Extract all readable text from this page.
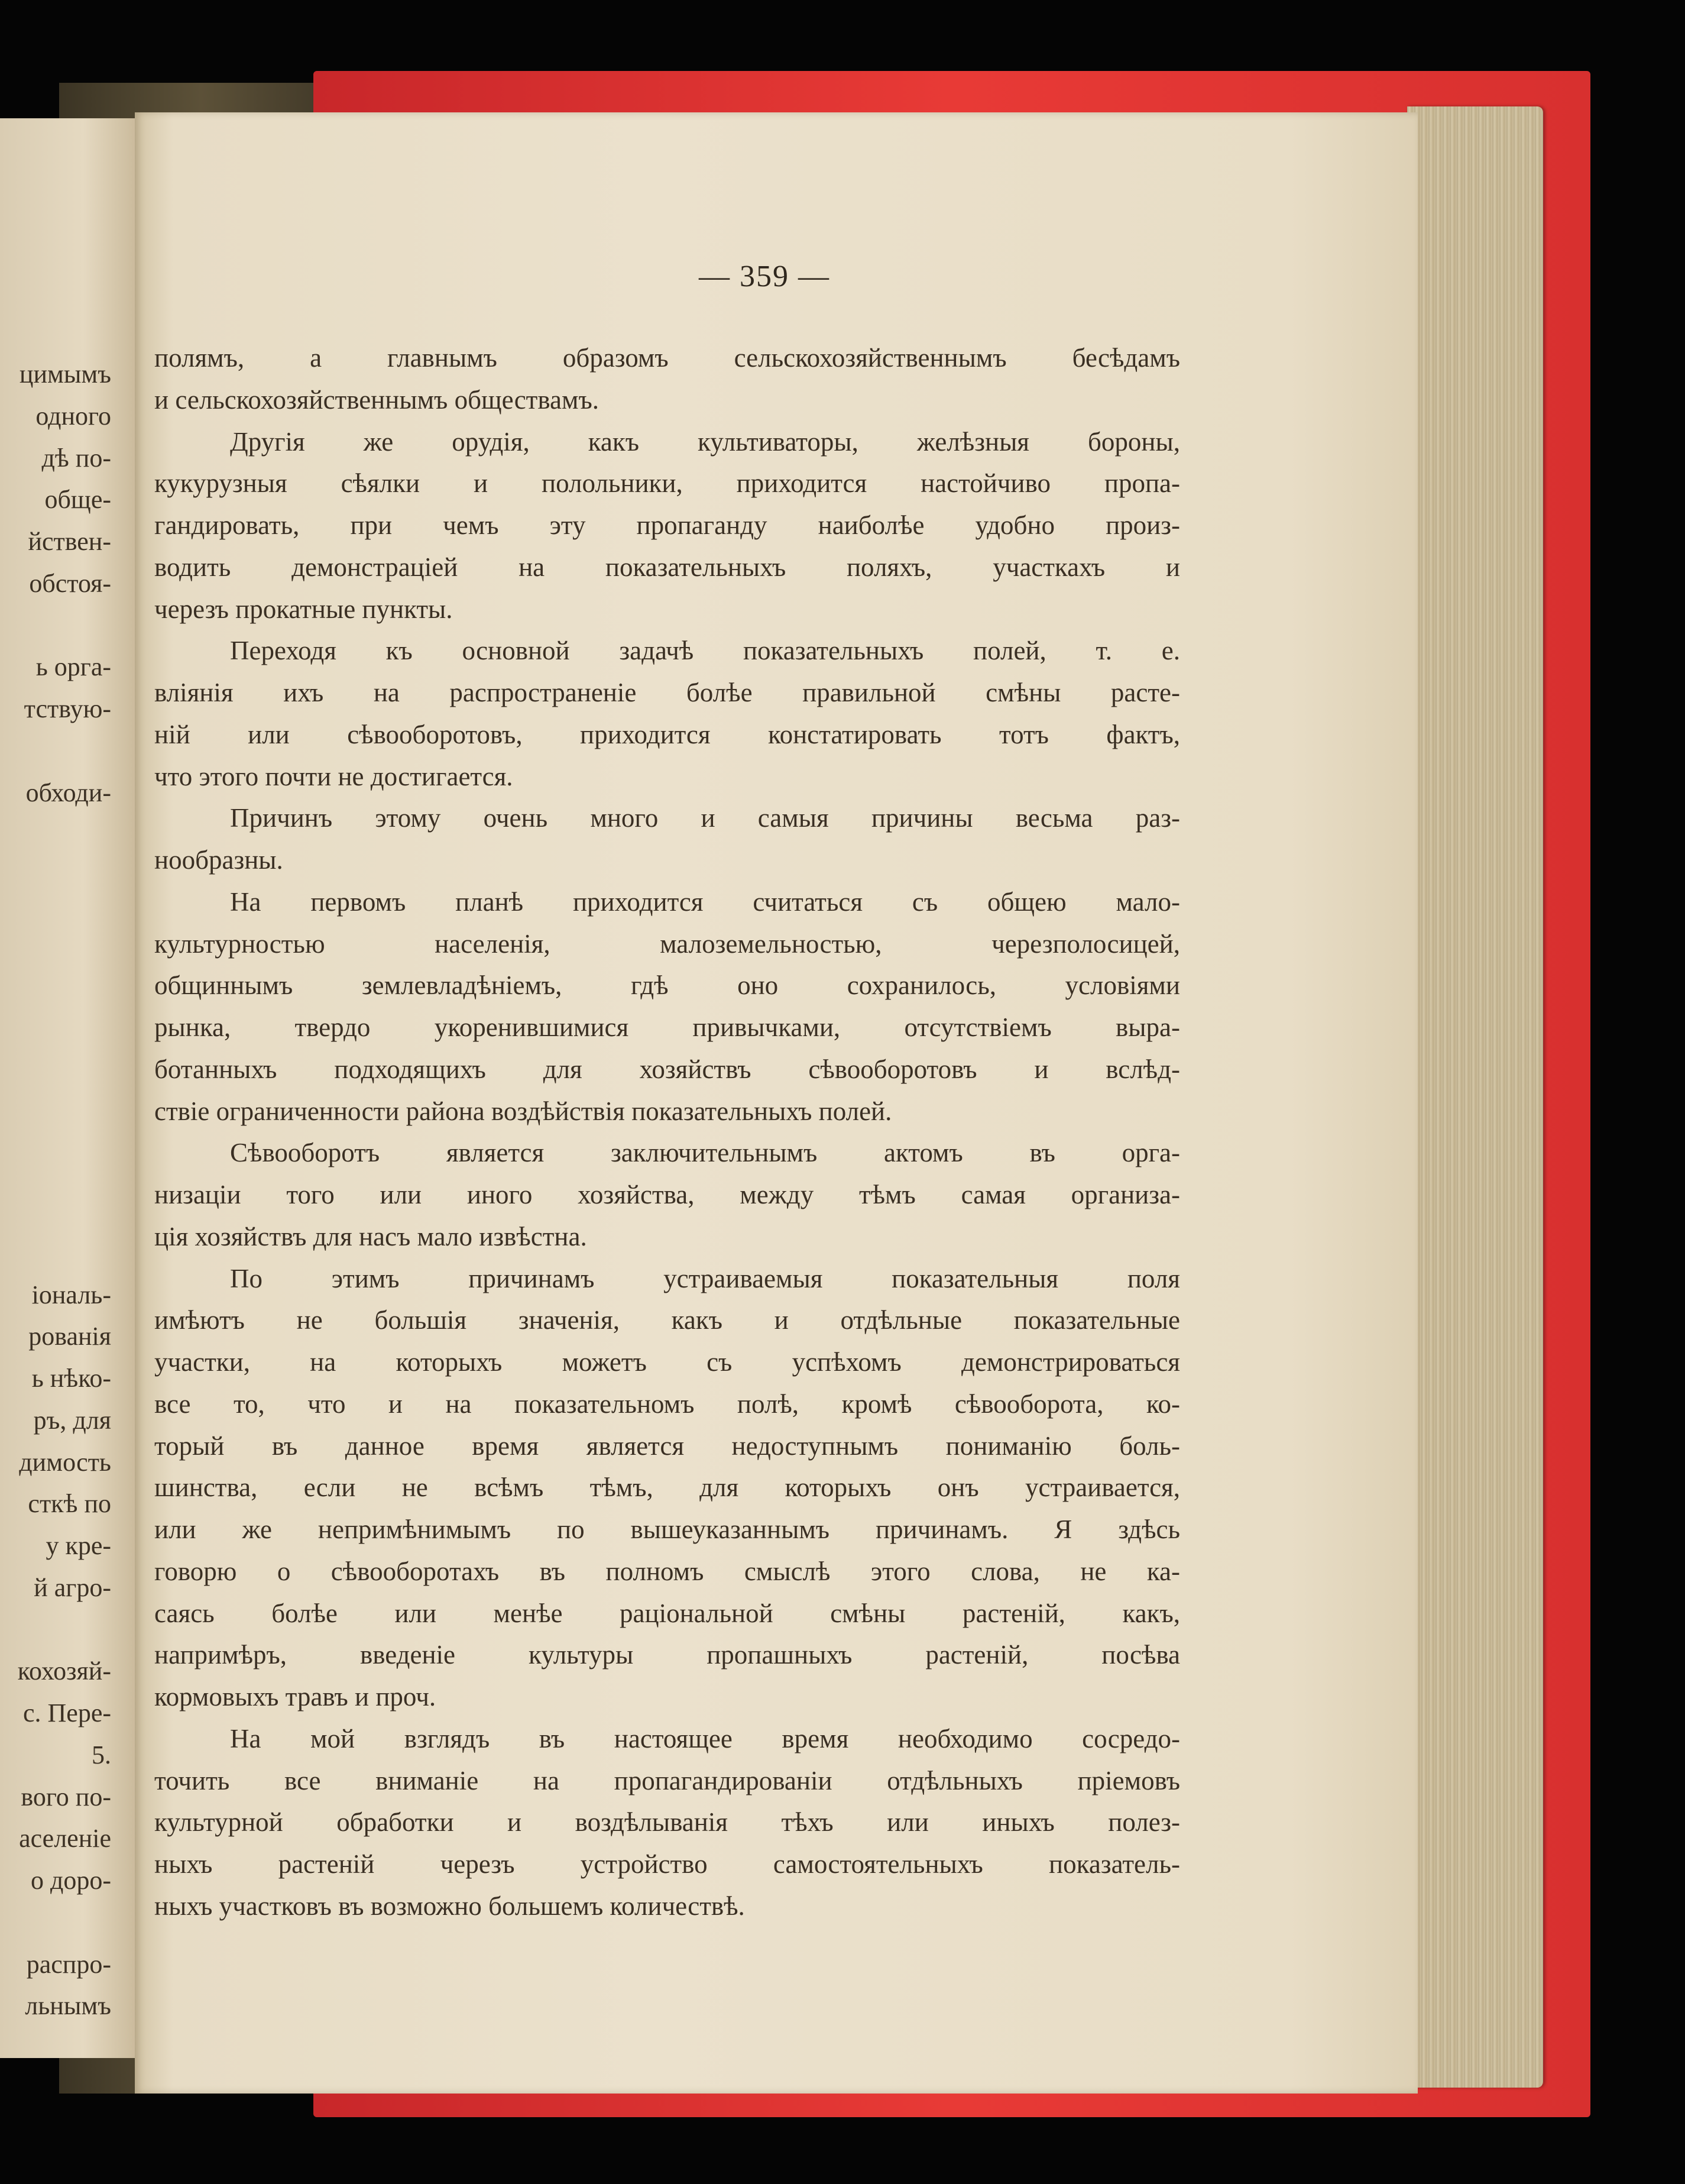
цимымъ
одного
дѣ по-
обще-
йствен-
обстоя-
ь орга-
тствую-
обходи-
іональ-
рованія
ь нѣко-
ръ, для
димость
сткѣ по
у кре-
й агро-
кохозяй-
с. Пере-
5.
вого по-
аселеніе
о доро-
распро-
льнымъ

— 359 —

полямъ, а главнымъ образомъ сельскохозяйственнымъ бесѣдамъ
и сельскохозяйственнымъ обществамъ.
Другія же орудія, какъ культиваторы, желѣзныя бороны,
кукурузныя сѣялки и полольники, приходится настойчиво пропа-
гандировать, при чемъ эту пропаганду наиболѣе удобно произ-
водить демонстраціей на показательныхъ поляхъ, участкахъ и
черезъ прокатные пункты.
Переходя къ основной задачѣ показательныхъ полей, т. е.
вліянія ихъ на распространеніе болѣе правильной смѣны расте-
ній или сѣвооборотовъ, приходится констатировать тотъ фактъ,
что этого почти не достигается.
Причинъ этому очень много и самыя причины весьма раз-
нообразны.
На первомъ планѣ приходится считаться съ общею мало-
культурностью населенія, малоземельностью, черезполосицей,
общиннымъ землевладѣніемъ, гдѣ оно сохранилось, условіями
рынка, твердо укоренившимися привычками, отсутствіемъ выра-
ботанныхъ подходящихъ для хозяйствъ сѣвооборотовъ и вслѣд-
ствіе ограниченности района воздѣйствія показательныхъ полей.
Сѣвооборотъ является заключительнымъ актомъ въ орга-
низаціи того или иного хозяйства, между тѣмъ самая организа-
ція хозяйствъ для насъ мало извѣстна.
По этимъ причинамъ устраиваемыя показательныя поля
имѣютъ не большія значенія, какъ и отдѣльные показательные
участки, на которыхъ можетъ съ успѣхомъ демонстрироваться
все то, что и на показательномъ полѣ, кромѣ сѣвооборота, ко-
торый въ данное время является недоступнымъ пониманію боль-
шинства, если не всѣмъ тѣмъ, для которыхъ онъ устраивается,
или же непримѣнимымъ по вышеуказаннымъ причинамъ. Я здѣсь
говорю о сѣвооборотахъ въ полномъ смыслѣ этого слова, не ка-
саясь болѣе или менѣе раціональной смѣны растеній, какъ,
напримѣръ, введеніе культуры пропашныхъ растеній, посѣва
кормовыхъ травъ и проч.
На мой взглядъ въ настоящее время необходимо сосредо-
точить все вниманіе на пропагандированіи отдѣльныхъ пріемовъ
культурной обработки и воздѣлыванія тѣхъ или иныхъ полез-
ныхъ растеній черезъ устройство самостоятельныхъ показатель-
ныхъ участковъ въ возможно большемъ количествѣ.
